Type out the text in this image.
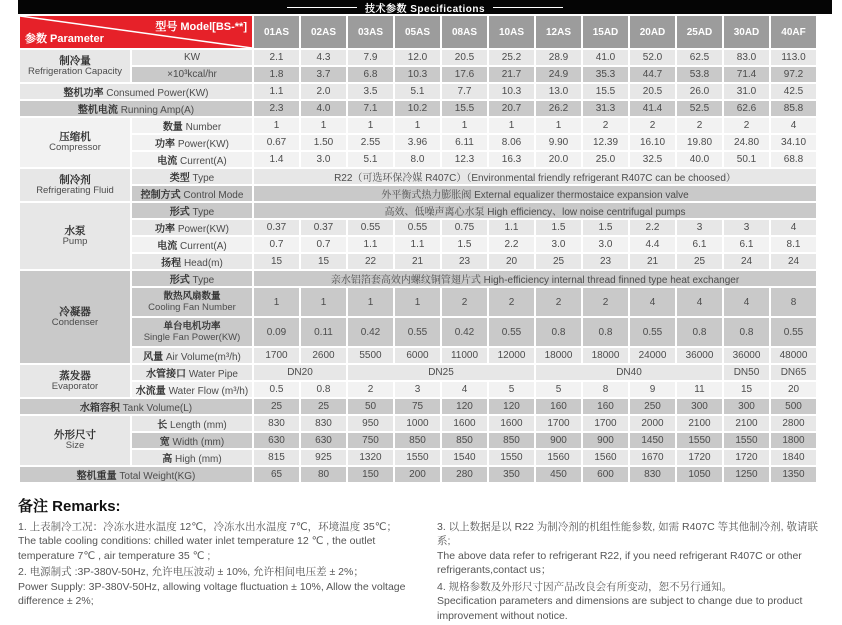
技术参数 Specifications
参数 Parameter
型号 Model[BS-**]		01AS	02AS	03AS	05AS	08AS	10AS	12AS	15AD	20AD	25AD	30AD	40AF

制冷量
Refrigeration Capacity	KW	2.1	4.3	7.9	12.0	20.5	25.2	28.9	41.0	52.0	62.5	83.0	113.0
	×10³kcal/hr	1.8	3.7	6.8	10.3	17.6	21.7	24.9	35.3	44.7	53.8	71.4	97.2
整机功率 Consumed Power(KW)		1.1	2.0	3.5	5.1	7.7	10.3	13.0	15.5	20.5	26.0	31.0	42.5
整机电流 Running Amp(A)		2.3	4.0	7.1	10.2	15.5	20.7	26.2	31.3	41.4	52.5	62.6	85.8

压缩机
Compressor	数量 Number	1	1	1	1	1	1	1	2	2	2	2	4
	功率 Power(KW)	0.67	1.50	2.55	3.96	6.11	8.06	9.90	12.39	16.10	19.80	24.80	34.10
	电流 Current(A)	1.4	3.0	5.1	8.0	12.3	16.3	20.0	25.0	32.5	40.0	50.1	68.8

制冷剂
Refrigerating Fluid	类型 Type	R22（可选环保冷媒 R407C）（Environmental friendly refrigerant R407C can be choosed）											
	控制方式 Control Mode	外平衡式热力膨胀阀 External equalizer thermostaice expansion valve											

水泵
Pump	形式 Type	高效、低噪声离心水泵 High efficiency、low noise centrifugal pumps											
	功率 Power(KW)	0.37	0.37	0.55	0.55	0.75	1.1	1.5	1.5	2.2	3	3	4
	电流 Current(A)	0.7	0.7	1.1	1.1	1.5	2.2	3.0	3.0	4.4	6.1	6.1	8.1
	扬程 Head(m)	15	15	22	21	23	20	25	23	21	25	24	24

冷凝器
Condenser	形式 Type	亲水铝箔套高效内螺纹铜管翅片式 High-efficiency internal thread finned type heat exchanger											

	散热风扇数量
Cooling Fan Number	1	1	1	1	2	2	2	2	4	4	4	8

	单台电机功率
Single Fan Power(KW)	0.09	0.11	0.42	0.55	0.42	0.55	0.8	0.8	0.55	0.8	0.8	0.55
	风量 Air Volume(m³/h)	1700	2600	5500	6000	11000	12000	18000	18000	24000	36000	36000	48000

蒸发器
Evaporator	水管接口 Water Pipe	DN20		DN25				DN40				DN50	DN65
	水流量 Water Flow (m³/h)	0.5	0.8	2	3	4	5	5	8	9	11	15	20
水箱容积 Tank Volume(L)		25	25	50	75	120	120	160	160	250	300	300	500

外形尺寸
Size	长 Length (mm)	830	830	950	1000	1600	1600	1700	1700	2000	2100	2100	2800
	宽 Width (mm)	630	630	750	850	850	850	900	900	1450	1550	1550	1800
	高 High (mm)	815	925	1320	1550	1540	1550	1560	1560	1670	1720	1720	1840
整机重量 Total Weight(KG)		65	80	150	200	280	350	450	600	830	1050	1250	1350
备注 Remarks:
1. 上表制冷工况：冷冻水进水温度 12℃，冷冻水出水温度 7℃，环境温度 35℃；
The table cooling conditions: chilled water inlet temperature 12 ℃ , the outlet temperature 7℃ , air temperature 35 ℃ ;
2. 电源制式 :3P-380V-50Hz, 允许电压波动 ± 10%, 允许相间电压差 ± 2%；
Power Supply: 3P-380V-50Hz, allowing voltage fluctuation ± 10%, Allow the voltage difference ± 2%;
3. 以上数据是以 R22 为制冷剂的机组性能参数, 如需 R407C 等其他制冷剂, 敬请联系;
The above data refer to refrigerant R22, if you need refrigerant R407C or other refrigerants,contact us；
4. 规格参数及外形尺寸因产品改良会有所变动，恕不另行通知。
Specification parameters and dimensions are subject to change due to product improvement without notice.
